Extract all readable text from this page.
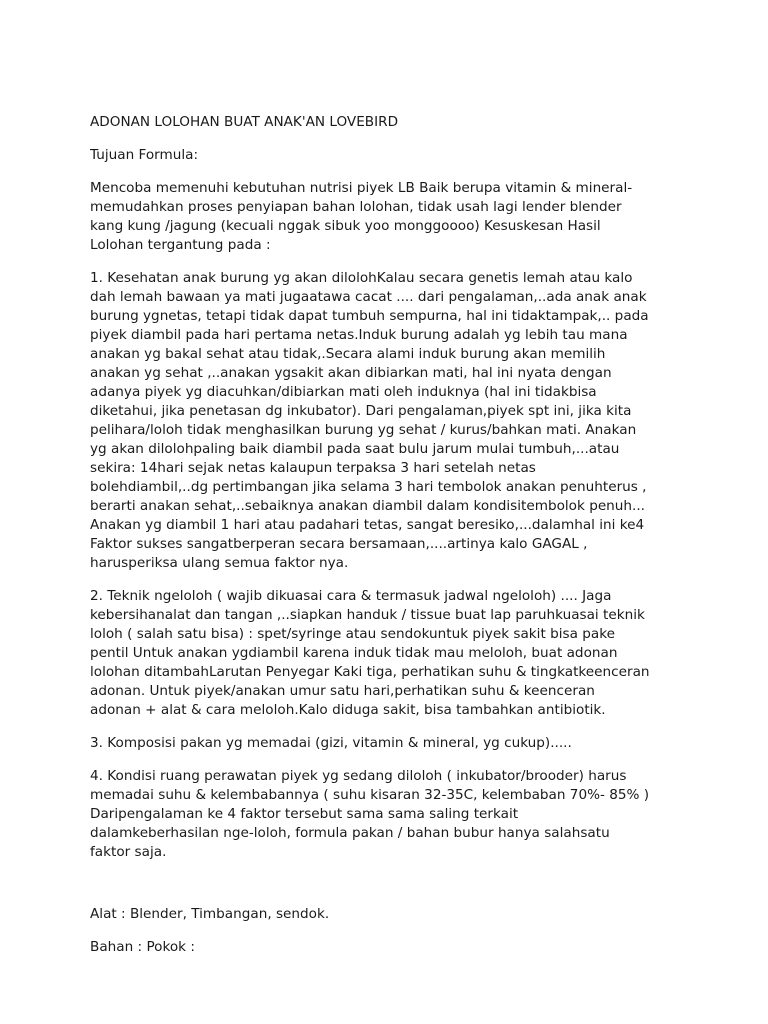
ADONAN LOLOHAN BUAT ANAK'AN LOVEBIRD

Tujuan Formula:

Mencoba memenuhi kebutuhan nutrisi piyek LB Baik berupa vitamin & mineral- memudahkan proses penyiapan bahan lolohan, tidak usah lagi lender blender kang kung /jagung (kecuali nggak sibuk yoo monggoooo) Kesuskesan Hasil Lolohan tergantung pada :

1. Kesehatan anak burung yg akan dilolohKalau secara genetis lemah atau kalo dah lemah bawaan ya mati jugaatawa cacat .... dari pengalaman,..ada anak anak burung ygnetas, tetapi tidak dapat tumbuh sempurna, hal ini tidaktampak,.. pada piyek diambil pada hari pertama netas.Induk burung adalah yg lebih tau mana anakan yg bakal sehat atau tidak,.Secara alami induk burung akan memilih anakan yg sehat ,..anakan ygsakit akan dibiarkan mati, hal ini nyata dengan adanya piyek yg diacuhkan/dibiarkan mati oleh induknya (hal ini tidakbisa diketahui, jika penetasan dg inkubator). Dari pengalaman,piyek spt ini, jika kita pelihara/loloh tidak menghasilkan burung yg sehat / kurus/bahkan mati. Anakan yg akan dilolohpaling baik diambil pada saat bulu jarum mulai tumbuh,...atau sekira: 14hari sejak netas kalaupun terpaksa 3 hari setelah netas bolehdiambil,..dg pertimbangan jika selama 3 hari tembolok anakan penuhterus , berarti anakan sehat,..sebaiknya anakan diambil dalam kondisitembolok penuh... Anakan yg diambil 1 hari atau padahari tetas, sangat beresiko,...dalamhal ini ke4 Faktor sukses sangatberperan secara bersamaan,....artinya kalo GAGAL , harusperiksa ulang semua faktor nya.

2. Teknik ngeloloh ( wajib dikuasai cara & termasuk jadwal ngeloloh) .... Jaga kebersihanalat dan tangan ,..siapkan handuk / tissue buat lap paruhkuasai teknik loloh ( salah satu bisa) : spet/syringe atau sendokuntuk piyek sakit bisa pake pentil Untuk anakan ygdiambil karena induk tidak mau meloloh, buat adonan lolohan ditambahLarutan Penyegar Kaki tiga, perhatikan suhu & tingkatkeenceran adonan. Untuk piyek/anakan umur satu hari,perhatikan suhu & keenceran adonan + alat & cara meloloh.Kalo diduga sakit, bisa tambahkan antibiotik.

3. Komposisi pakan yg memadai (gizi, vitamin & mineral, yg cukup).....

4. Kondisi ruang perawatan piyek yg sedang diloloh ( inkubator/brooder) harus memadai suhu & kelembabannya ( suhu kisaran 32-35C, kelembaban 70%- 85% ) Daripengalaman ke 4 faktor tersebut sama sama saling terkait dalamkeberhasilan nge-loloh, formula pakan / bahan bubur hanya salahsatu faktor saja.

Alat : Blender, Timbangan, sendok.

Bahan : Pokok :
